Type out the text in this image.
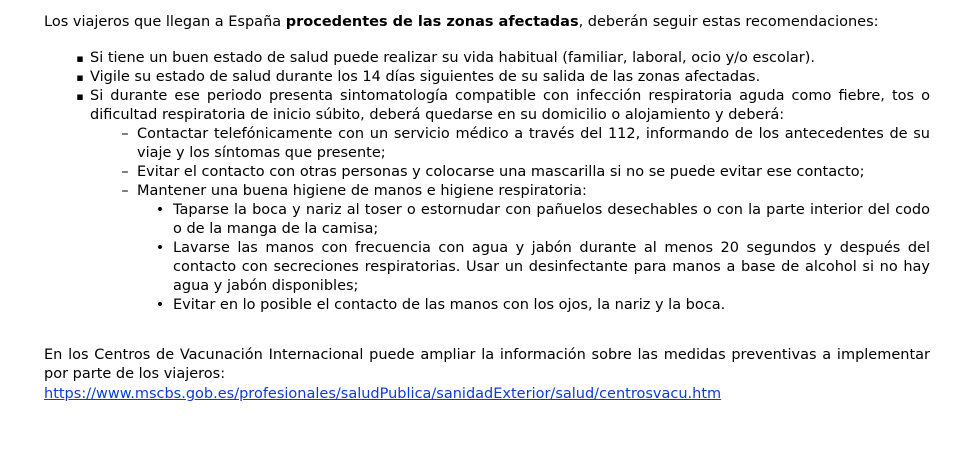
Los viajeros que llegan a España procedentes de las zonas afectadas, deberán seguir estas recomendaciones:

▪ Si tiene un buen estado de salud puede realizar su vida habitual (familiar, laboral, ocio y/o escolar).
▪ Vigile su estado de salud durante los 14 días siguientes de su salida de las zonas afectadas.
▪ Si durante ese periodo presenta sintomatología compatible con infección respiratoria aguda como fiebre, tos o dificultad respiratoria de inicio súbito, deberá quedarse en su domicilio o alojamiento y deberá:
– Contactar telefónicamente con un servicio médico a través del 112, informando de los antecedentes de su viaje y los síntomas que presente;
– Evitar el contacto con otras personas y colocarse una mascarilla si no se puede evitar ese contacto;
– Mantener una buena higiene de manos e higiene respiratoria:
• Taparse la boca y nariz al toser o estornudar con pañuelos desechables o con la parte interior del codo o de la manga de la camisa;
• Lavarse las manos con frecuencia con agua y jabón durante al menos 20 segundos y después del contacto con secreciones respiratorias. Usar un desinfectante para manos a base de alcohol si no hay agua y jabón disponibles;
• Evitar en lo posible el contacto de las manos con los ojos, la nariz y la boca.

En los Centros de Vacunación Internacional puede ampliar la información sobre las medidas preventivas a implementar por parte de los viajeros:

https://www.mscbs.gob.es/profesionales/saludPublica/sanidadExterior/salud/centrosvacu.htm
